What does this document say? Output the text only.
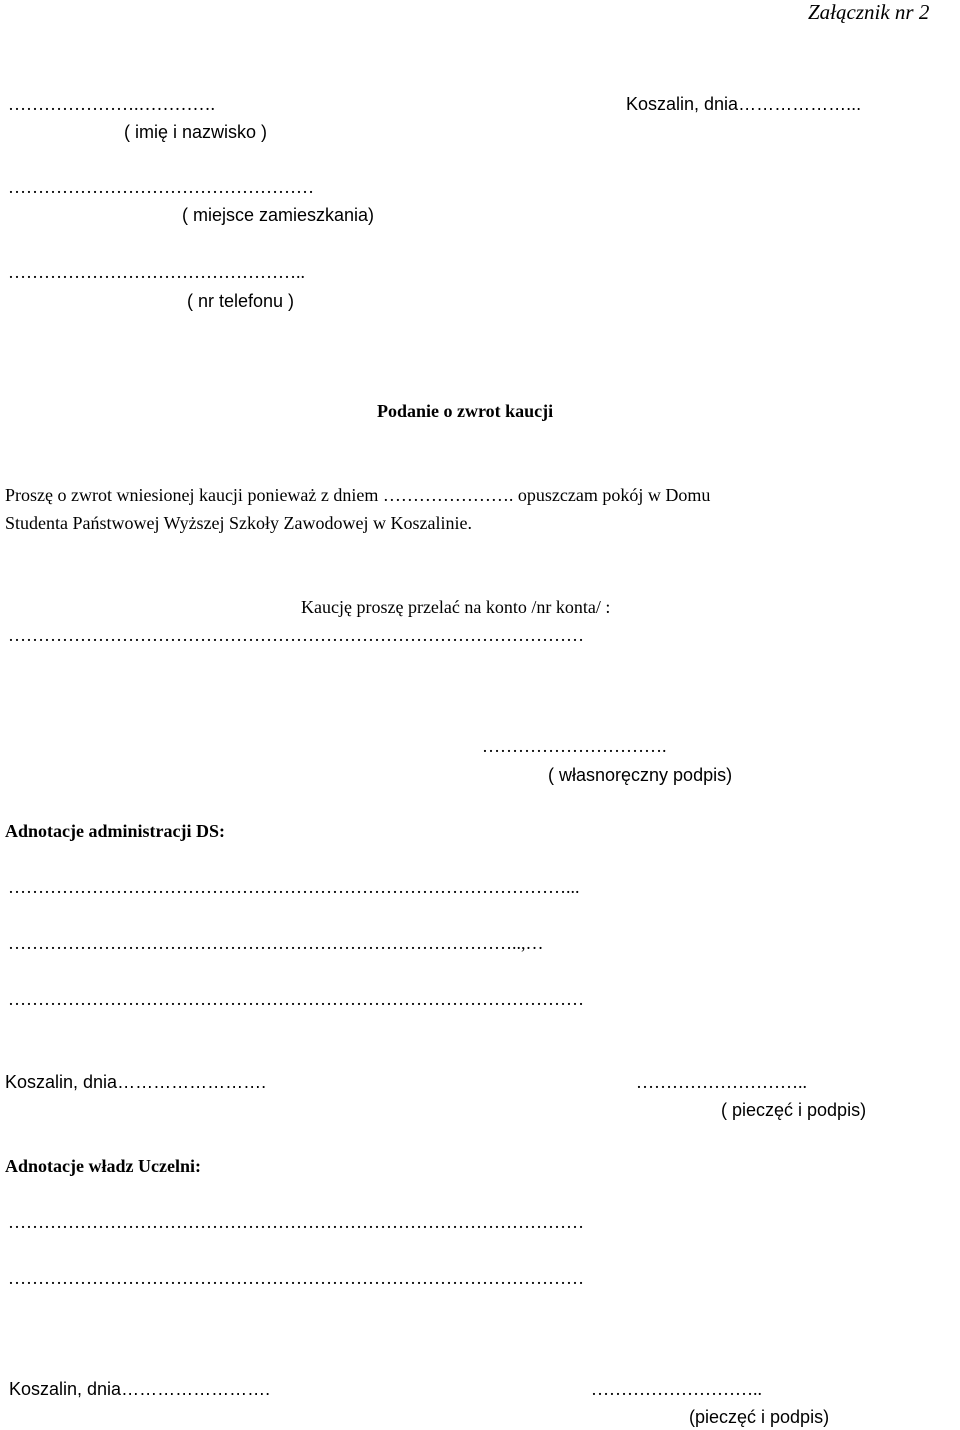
Załącznik nr 2
………………….………….
( imię i nazwisko )
Koszalin, dnia………………...
……………………………………………
( miejsce zamieszkania)
…………………………………………..
( nr telefonu )
Podanie o zwrot kaucji
Proszę o zwrot wniesionej kaucji ponieważ z dniem …………………. opuszczam pokój w Domu
Studenta Państwowej Wyższej Szkoły Zawodowej w Koszalinie.
Kaucję proszę przelać na konto /nr konta/ :
……………………………………………………………………………………
………………………….
( własnoręczny podpis)
Adnotacje administracji DS:
…………………………………………………………………………………...
…………………………………………………………………………..,…
……………………………………………………………………………………
Koszalin, dnia…………………….	………………………..
( pieczęć i podpis)
Adnotacje władz Uczelni:
……………………………………………………………………………………
……………………………………………………………………………………
Koszalin, dnia…………………….	………………………..
(pieczęć i podpis)
